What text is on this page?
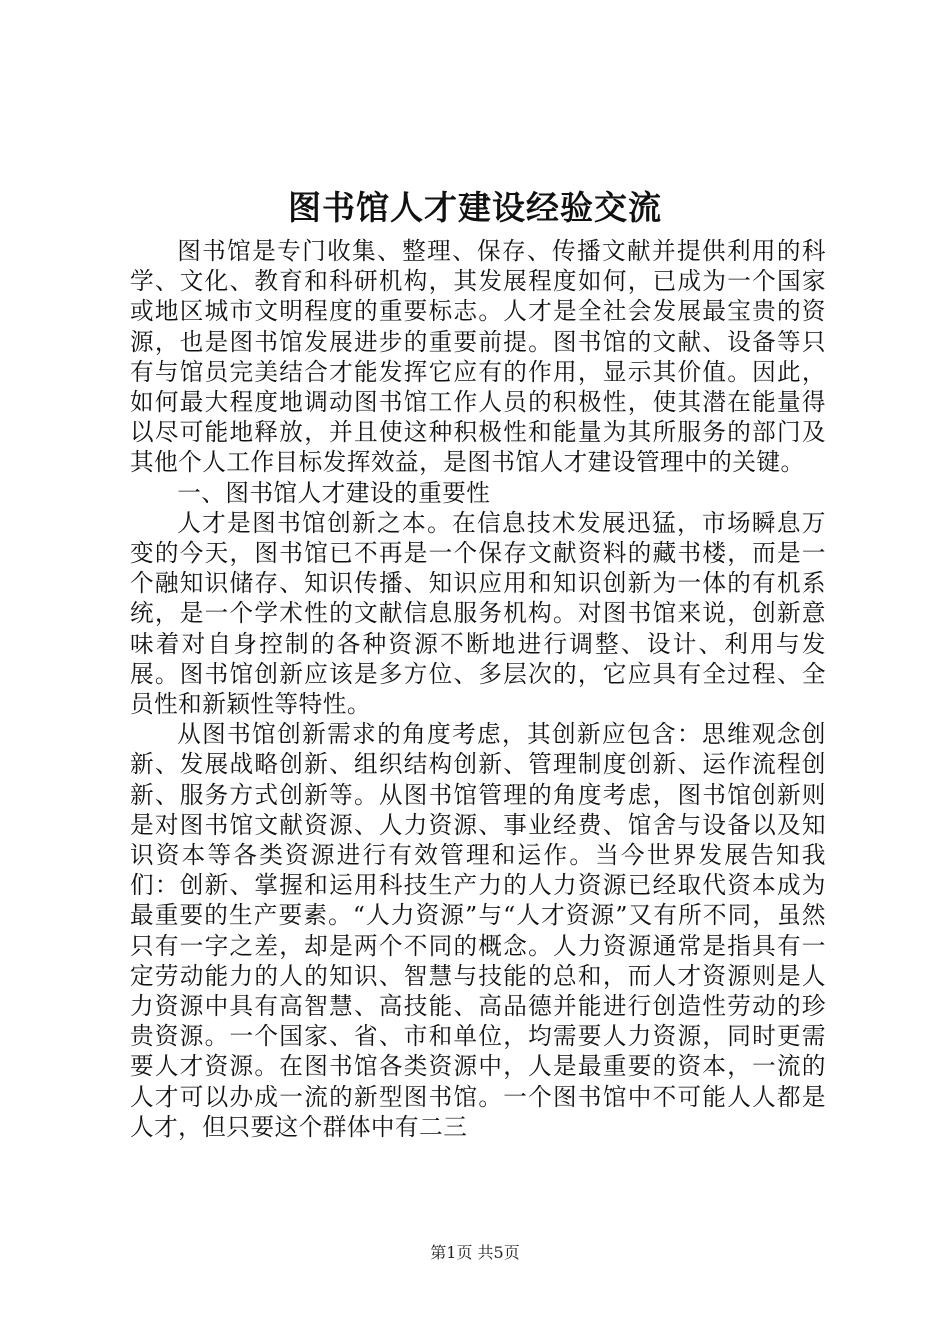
图书馆人才建设经验交流

图书馆是专门收集、整理、保存、传播文献并提供利用的科学、文化、教育和科研机构，其发展程度如何，已成为一个国家或地区城市文明程度的重要标志。人才是全社会发展最宝贵的资源，也是图书馆发展进步的重要前提。图书馆的文献、设备等只有与馆员完美结合才能发挥它应有的作用，显示其价值。因此，如何最大程度地调动图书馆工作人员的积极性，使其潜在能量得以尽可能地释放，并且使这种积极性和能量为其所服务的部门及其他个人工作目标发挥效益，是图书馆人才建设管理中的关键。

一、图书馆人才建设的重要性

人才是图书馆创新之本。在信息技术发展迅猛，市场瞬息万变的今天，图书馆已不再是一个保存文献资料的藏书楼，而是一个融知识储存、知识传播、知识应用和知识创新为一体的有机系统，是一个学术性的文献信息服务机构。对图书馆来说，创新意味着对自身控制的各种资源不断地进行调整、设计、利用与发展。图书馆创新应该是多方位、多层次的，它应具有全过程、全员性和新颖性等特性。

从图书馆创新需求的角度考虑，其创新应包含：思维观念创新、发展战略创新、组织结构创新、管理制度创新、运作流程创新、服务方式创新等。从图书馆管理的角度考虑，图书馆创新则是对图书馆文献资源、人力资源、事业经费、馆舍与设备以及知识资本等各类资源进行有效管理和运作。当今世界发展告知我们：创新、掌握和运用科技生产力的人力资源已经取代资本成为最重要的生产要素。“人力资源”与“人才资源”又有所不同，虽然只有一字之差，却是两个不同的概念。人力资源通常是指具有一定劳动能力的人的知识、智慧与技能的总和，而人才资源则是人力资源中具有高智慧、高技能、高品德并能进行创造性劳动的珍贵资源。一个国家、省、市和单位，均需要人力资源，同时更需要人才资源。在图书馆各类资源中，人是最重要的资本，一流的人才可以办成一流的新型图书馆。一个图书馆中不可能人人都是人才，但只要这个群体中有二三

第1页 共5页
